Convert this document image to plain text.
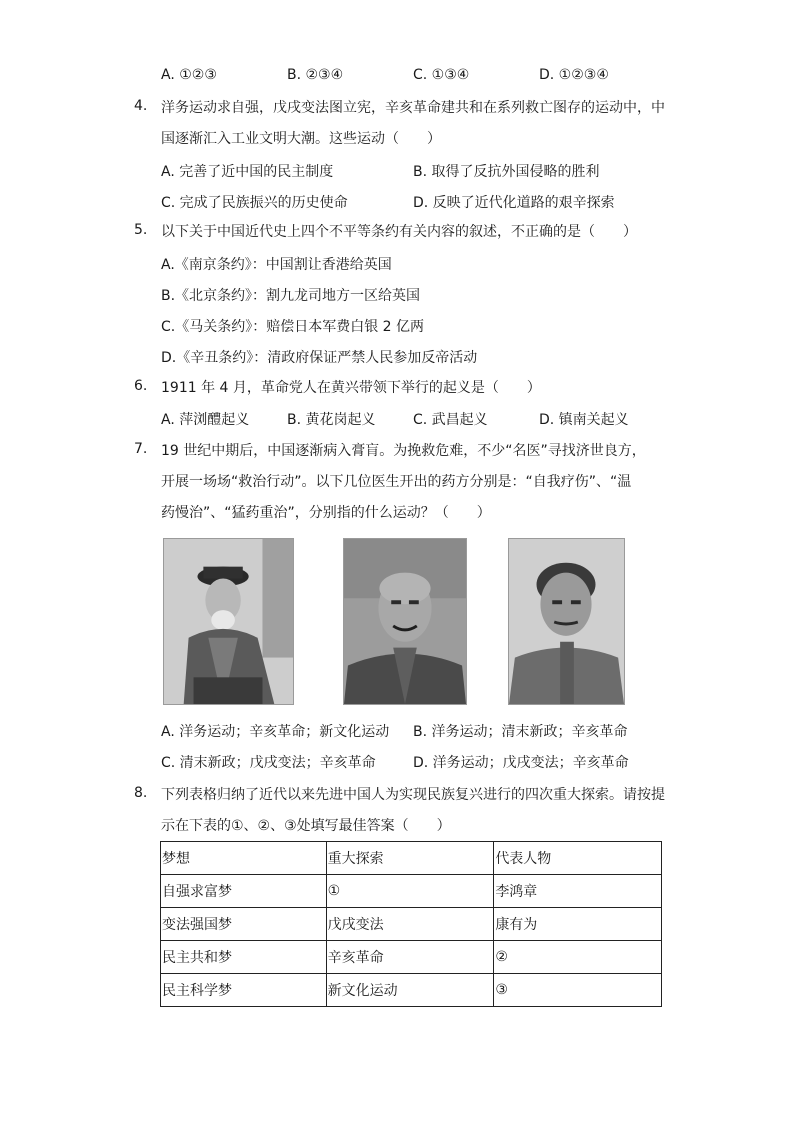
A. ①②③	B. ②③④	C. ①③④	D. ①②③④
4. 洋务运动求自强，戊戌变法图立宪，辛亥革命建共和在系列救亡图存的运动中，中
国逐渐汇入工业文明大潮。这些运动（　　）
A. 完善了近中国的民主制度	B. 取得了反抗外国侵略的胜利
C. 完成了民族振兴的历史使命	D. 反映了近代化道路的艰辛探索
5. 以下关于中国近代史上四个不平等条约有关内容的叙述，不正确的是（　　）
A.《南京条约》：中国割让香港给英国
B.《北京条约》：割九龙司地方一区给英国
C.《马关条约》：赔偿日本军费白银 2 亿两
D.《辛丑条约》：清政府保证严禁人民参加反帝活动
6. 1911 年 4 月，革命党人在黄兴带领下举行的起义是（　　）
A. 萍浏醴起义	B. 黄花岗起义	C. 武昌起义	D. 镇南关起义
7. 19 世纪中期后，中国逐渐病入膏肓。为挽救危难，不少“名医”寻找济世良方，
开展一场场“救治行动”。以下几位医生开出的药方分别是：“自我疗伤”、“温
药慢治”、“猛药重治”，分别指的什么运动？（　　）
A. 洋务运动；辛亥革命；新文化运动 B. 洋务运动；清末新政；辛亥革命
C. 清末新政；戊戌变法；辛亥革命	D. 洋务运动；戊戌变法；辛亥革命
8. 下列表格归纳了近代以来先进中国人为实现民族复兴进行的四次重大探索。请按提
示在下表的①、②、③处填写最佳答案（　　）
梦想	重大探索	代表人物
自强求富梦	①	李鸿章
变法强国梦	戊戌变法	康有为
民主共和梦	辛亥革命	②
民主科学梦	新文化运动	③
